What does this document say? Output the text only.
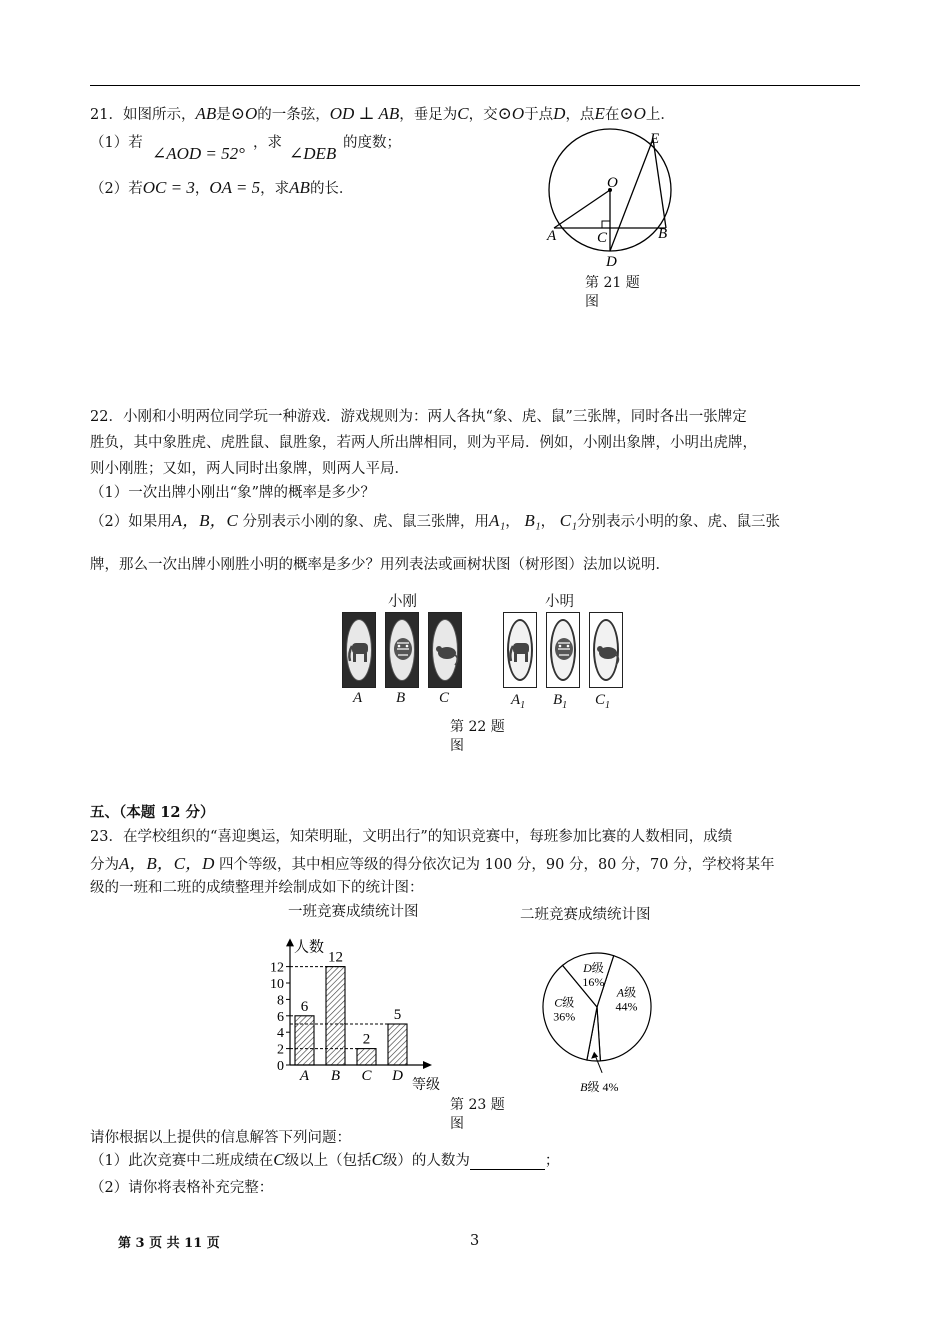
21．如图所示，AB是⊙O的一条弦，OD ⊥ AB，垂足为C，交⊙O于点D，点E在⊙O上．
（1）若
∠AOD = 52°
，求
∠DEB
的度数；
（2）若OC = 3，OA = 5，求AB的长．
E
O
A	C	B
D
第 21 题
图
22．小刚和小明两位同学玩一种游戏．游戏规则为：两人各执“象、虎、鼠”三张牌，同时各出一张牌定
胜负，其中象胜虎、虎胜鼠、鼠胜象，若两人所出牌相同，则为平局．例如，小刚出象牌，小明出虎牌，
则小刚胜；又如，两人同时出象牌，则两人平局．
（1）一次出牌小刚出“象”牌的概率是多少？
（2）如果用A，B，C 分别表示小刚的象、虎、鼠三张牌，用A₁， B₁， C₁分别表示小明的象、虎、鼠三张
牌，那么一次出牌小刚胜小明的概率是多少？用列表法或画树状图（树形图）法加以说明．
小刚	小明
A B C	$A_1$ $B_1$ $C_1$
第 22 题
图
五、（本题 12 分）
23．在学校组织的“喜迎奥运，知荣明耻，文明出行”的知识竞赛中，每班参加比赛的人数相同，成绩
分为A，B，C，D 四个等级，其中相应等级的得分依次记为 100 分，90 分，80 分，70 分，学校将某年
级的一班和二班的成绩整理并绘制成如下的统计图：
一班竞赛成绩统计图
人数
等级
0
2
4
6
8
10
12
6
A
12
B
2
C
5
D
二班竞赛成绩统计图
A级
44%
C级
36%
D级
16%
B级 4%
第 23 题
图
请你根据以上提供的信息解答下列问题：
（1）此次竞赛中二班成绩在C级以上（包括C级）的人数为	；
（2）请你将表格补充完整：
第 3 页 共 11 页	3
